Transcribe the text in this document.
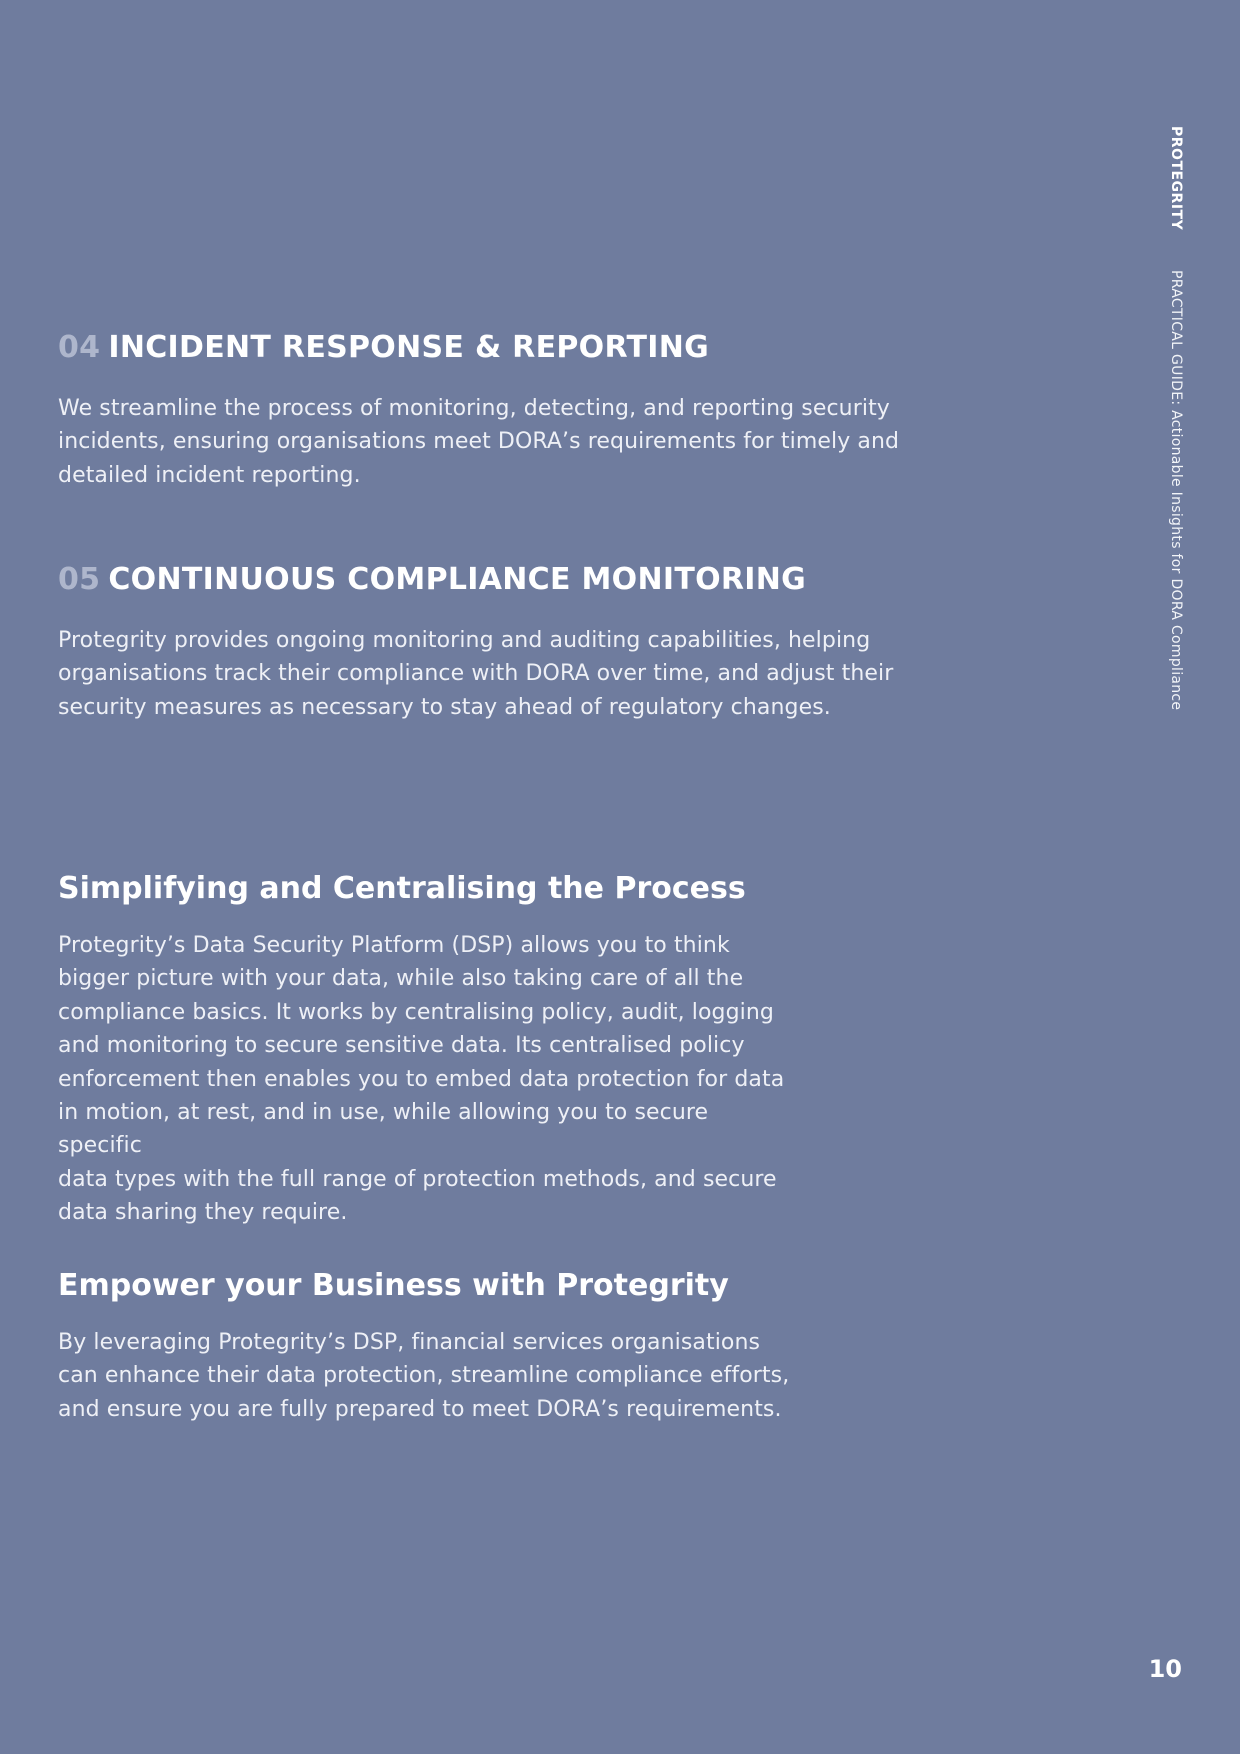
04 INCIDENT RESPONSE & REPORTING

We streamline the process of monitoring, detecting, and reporting security
incidents, ensuring organisations meet DORA’s requirements for timely and
detailed incident reporting.

05 CONTINUOUS COMPLIANCE MONITORING

Protegrity provides ongoing monitoring and auditing capabilities, helping
organisations track their compliance with DORA over time, and adjust their
security measures as necessary to stay ahead of regulatory changes.

Simplifying and Centralising the Process

Protegrity’s Data Security Platform (DSP) allows you to think
bigger picture with your data, while also taking care of all the
compliance basics. It works by centralising policy, audit, logging
and monitoring to secure sensitive data. Its centralised policy
enforcement then enables you to embed data protection for data
in motion, at rest, and in use, while allowing you to secure specific
data types with the full range of protection methods, and secure
data sharing they require.

Empower your Business with Protegrity

By leveraging Protegrity’s DSP, financial services organisations
can enhance their data protection, streamline compliance efforts,
and ensure you are fully prepared to meet DORA’s requirements.

PROTEGRITY
PRACTICAL GUIDE: Actionable Insights for DORA Compliance
10
